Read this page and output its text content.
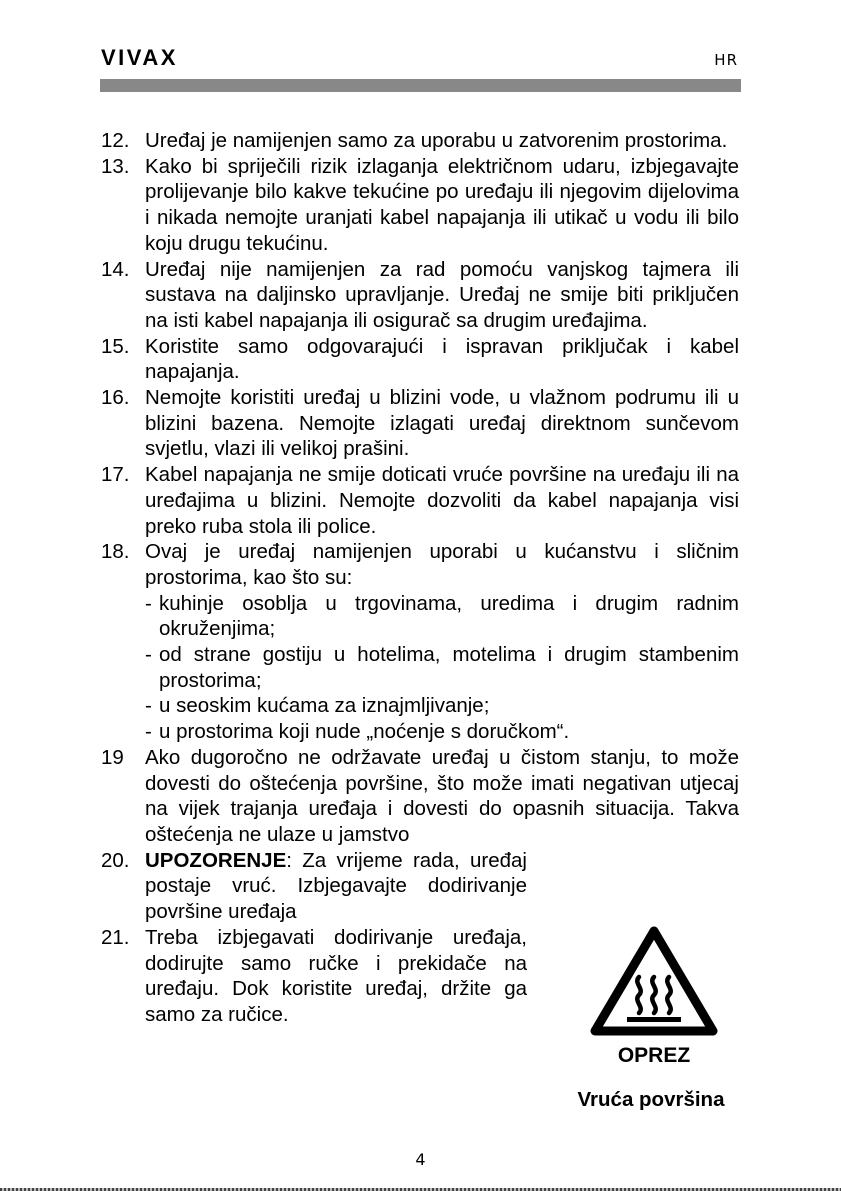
VIVAX	HR
12. Uređaj je namijenjen samo za uporabu u zatvorenim prostorima.
13. Kako bi spriječili rizik izlaganja električnom udaru, izbjegavajte prolijevanje bilo kakve tekućine po uređaju ili njegovim dijelovima i nikada nemojte uranjati kabel napajanja ili utikač u vodu ili bilo koju drugu tekućinu.
14. Uređaj nije namijenjen za rad pomoću vanjskog tajmera ili sustava na daljinsko upravljanje. Uređaj ne smije biti priključen na isti kabel napajanja ili osigurač sa drugim uređajima.
15. Koristite samo odgovarajući i ispravan priključak i kabel napajanja.
16. Nemojte koristiti uređaj u blizini vode, u vlažnom podrumu ili u blizini bazena. Nemojte izlagati uređaj direktnom sunčevom svjetlu, vlazi ili velikoj prašini.
17. Kabel napajanja ne smije doticati vruće površine na uređaju ili na uređajima u blizini. Nemojte dozvoliti da kabel napajanja visi preko ruba stola ili police.
18. Ovaj je uređaj namijenjen uporabi u kućanstvu i sličnim prostorima, kao što su:
- kuhinje osoblja u trgovinama, uredima i drugim radnim okruženjima;
- od strane gostiju u hotelima, motelima i drugim stambenim prostorima;
- u seoskim kućama za iznajmljivanje;
- u prostorima koji nude „noćenje s doručkom“.
19	Ako dugoročno ne održavate uređaj u čistom stanju, to može dovesti do oštećenja površine, što može imati negativan utjecaj na vijek trajanja uređaja i dovesti do opasnih situacija. Takva oštećenja ne ulaze u jamstvo
20. UPOZORENJE: Za vrijeme rada, uređaj postaje vruć. Izbjegavajte dodirivanje površine uređaja
21. Treba izbjegavati dodirivanje uređaja, dodirujte samo ručke i prekidače na uređaju. Dok koristite uređaj, držite ga samo za ručice.
OPREZ
Vruća površina
4
